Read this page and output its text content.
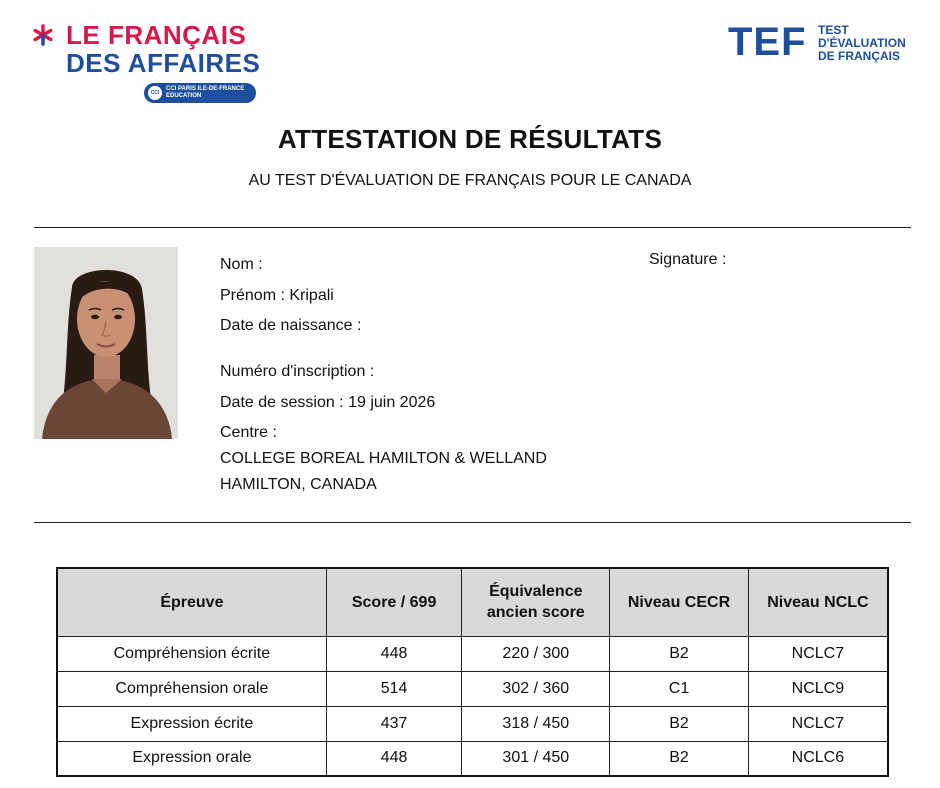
LE FRANÇAIS
DES AFFAIRES
CCI
CCI PARIS ILE-DE-FRANCE
EDUCATION
TEF TEST
D'ÉVALUATION
DE FRANÇAIS
ATTESTATION DE RÉSULTATS
AU TEST D'ÉVALUATION DE FRANÇAIS POUR LE CANADA
Nom :
Prénom : Kripali
Date de naissance :
Numéro d'inscription :
Date de session : 19 juin 2026
Centre :
COLLEGE BOREAL HAMILTON & WELLAND
HAMILTON, CANADA
Signature :
Épreuve	Score / 699	Équivalence ancien score	Niveau CECR	Niveau NCLC
Compréhension écrite	448	220 / 300	B2	NCLC7
Compréhension orale	514	302 / 360	C1	NCLC9
Expression écrite	437	318 / 450	B2	NCLC7
Expression orale	448	301 / 450	B2	NCLC6
